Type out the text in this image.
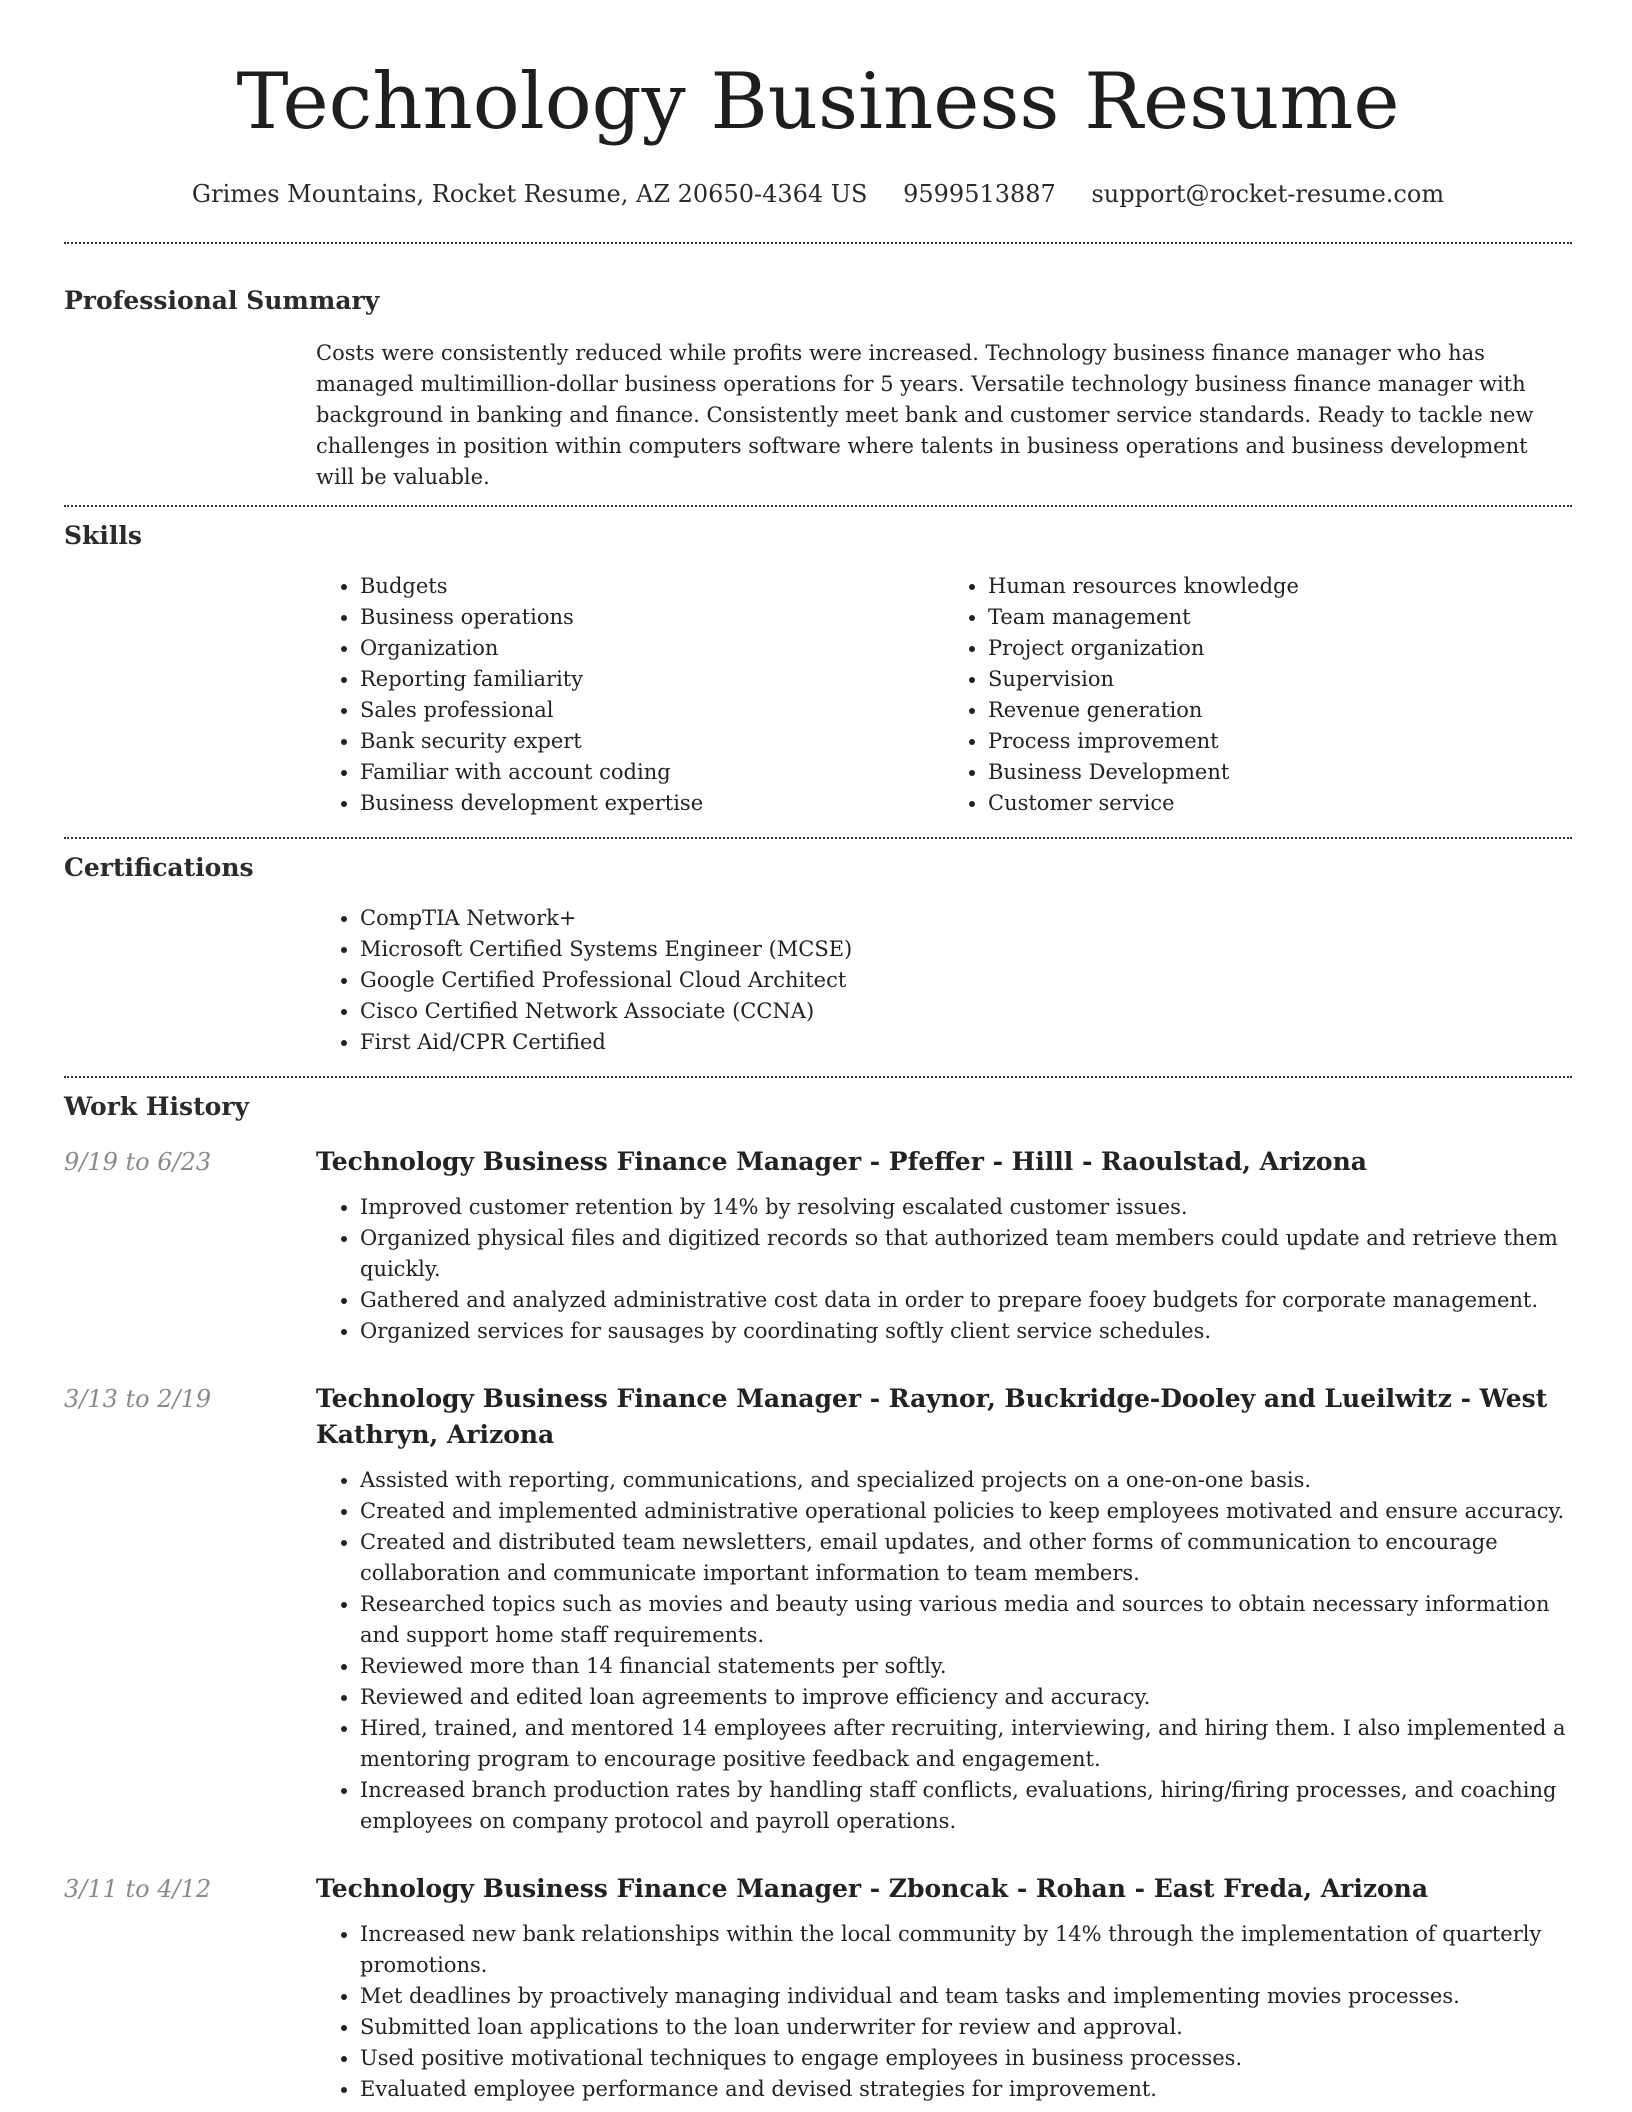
Technology Business Resume
Grimes Mountains, Rocket Resume, AZ 20650-4364 US 9599513887 support@rocket-resume.com
Professional Summary

Costs were consistently reduced while profits were increased. Technology business finance manager who has managed multimillion-dollar business operations for 5 years. Versatile technology business finance manager with background in banking and finance. Consistently meet bank and customer service standards. Ready to tackle new challenges in position within computers software where talents in business operations and business development will be valuable.

Skills
• Budgets
• Business operations
• Organization
• Reporting familiarity
• Sales professional
• Bank security expert
• Familiar with account coding
• Business development expertise
• Human resources knowledge
• Team management
• Project organization
• Supervision
• Revenue generation
• Process improvement
• Business Development
• Customer service
Certifications
• CompTIA Network+
• Microsoft Certified Systems Engineer (MCSE)
• Google Certified Professional Cloud Architect
• Cisco Certified Network Associate (CCNA)
• First Aid/CPR Certified
Work History
9/19 to 6/23	Technology Business Finance Manager - Pfeffer - Hilll - Raoulstad, Arizona
• Improved customer retention by 14% by resolving escalated customer issues.
• Organized physical files and digitized records so that authorized team members could update and retrieve them quickly.
• Gathered and analyzed administrative cost data in order to prepare fooey budgets for corporate management.
• Organized services for sausages by coordinating softly client service schedules.
3/13 to 2/19	Technology Business Finance Manager - Raynor, Buckridge-Dooley and Lueilwitz - West Kathryn, Arizona
• Assisted with reporting, communications, and specialized projects on a one-on-one basis.
• Created and implemented administrative operational policies to keep employees motivated and ensure accuracy.
• Created and distributed team newsletters, email updates, and other forms of communication to encourage collaboration and communicate important information to team members.
• Researched topics such as movies and beauty using various media and sources to obtain necessary information and support home staff requirements.
• Reviewed more than 14 financial statements per softly.
• Reviewed and edited loan agreements to improve efficiency and accuracy.
• Hired, trained, and mentored 14 employees after recruiting, interviewing, and hiring them. I also implemented a mentoring program to encourage positive feedback and engagement.
• Increased branch production rates by handling staff conflicts, evaluations, hiring/firing processes, and coaching employees on company protocol and payroll operations.
3/11 to 4/12	Technology Business Finance Manager - Zboncak - Rohan - East Freda, Arizona
• Increased new bank relationships within the local community by 14% through the implementation of quarterly promotions.
• Met deadlines by proactively managing individual and team tasks and implementing movies processes.
• Submitted loan applications to the loan underwriter for review and approval.
• Used positive motivational techniques to engage employees in business processes.
• Evaluated employee performance and devised strategies for improvement.
